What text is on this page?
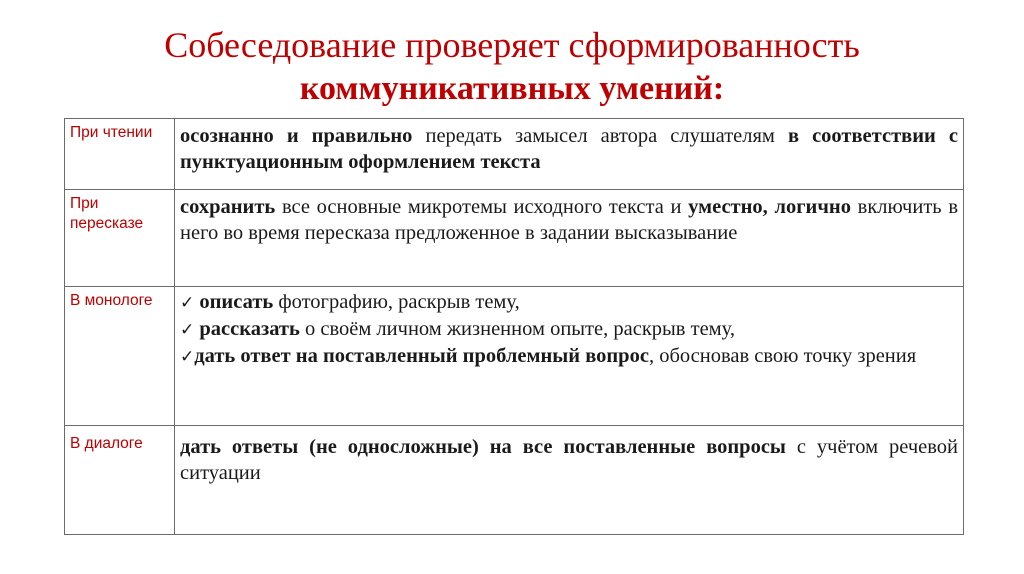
Собеседование проверяет сформированность
коммуникативных умений:
При чтении	осознанно и правильно передать замысел автора слушателям в соответствии с пунктуационным оформлением текста
При пересказе	сохранить все основные микротемы исходного текста и уместно, логично включить в него во время пересказа предложенное в задании высказывание
В монологе	✓ описать фотографию, раскрыв тему,
✓ рассказать о своём личном жизненном опыте, раскрыв тему,
✓дать ответ на поставленный проблемный вопрос, обосновав свою точку зрения

В диалоге	дать ответы (не односложные) на все поставленные вопросы с учётом речевой ситуации
